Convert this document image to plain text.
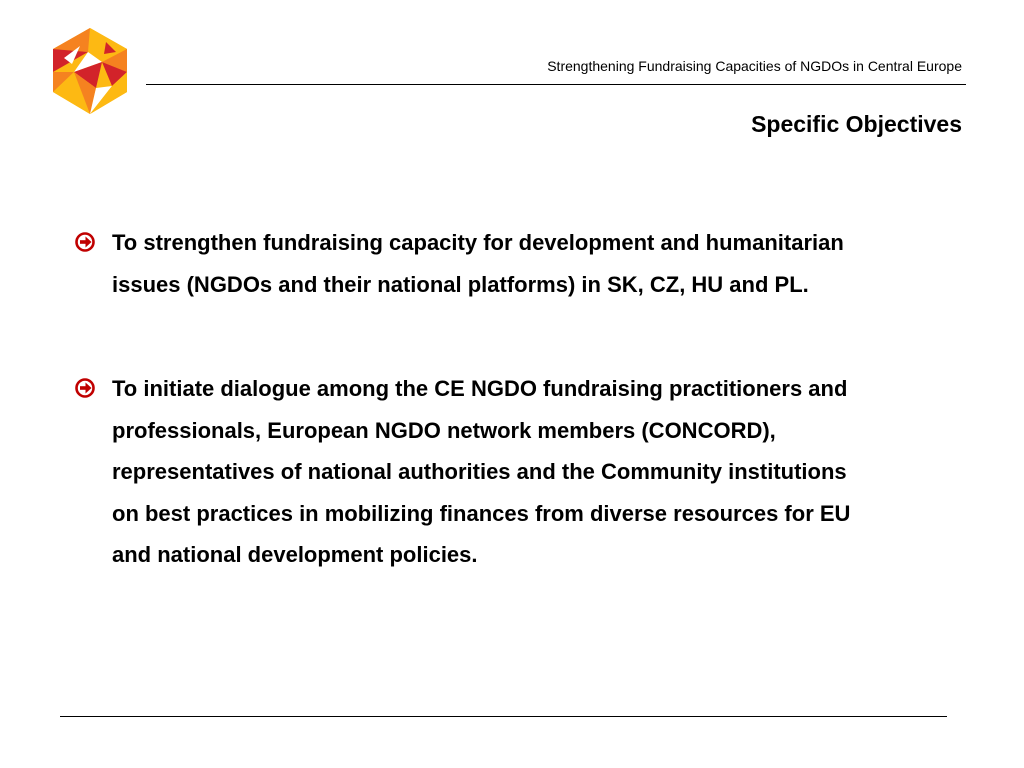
Strengthening Fundraising Capacities of NGDOs in Central Europe
Specific Objectives
To strengthen fundraising capacity for development and humanitarian
issues (NGDOs and their national platforms) in SK, CZ, HU and PL.
To initiate dialogue among the CE NGDO fundraising practitioners and
professionals, European NGDO network members (CONCORD),
representatives of national authorities and the Community institutions
on best practices in mobilizing finances from diverse resources for EU
and national development policies.
